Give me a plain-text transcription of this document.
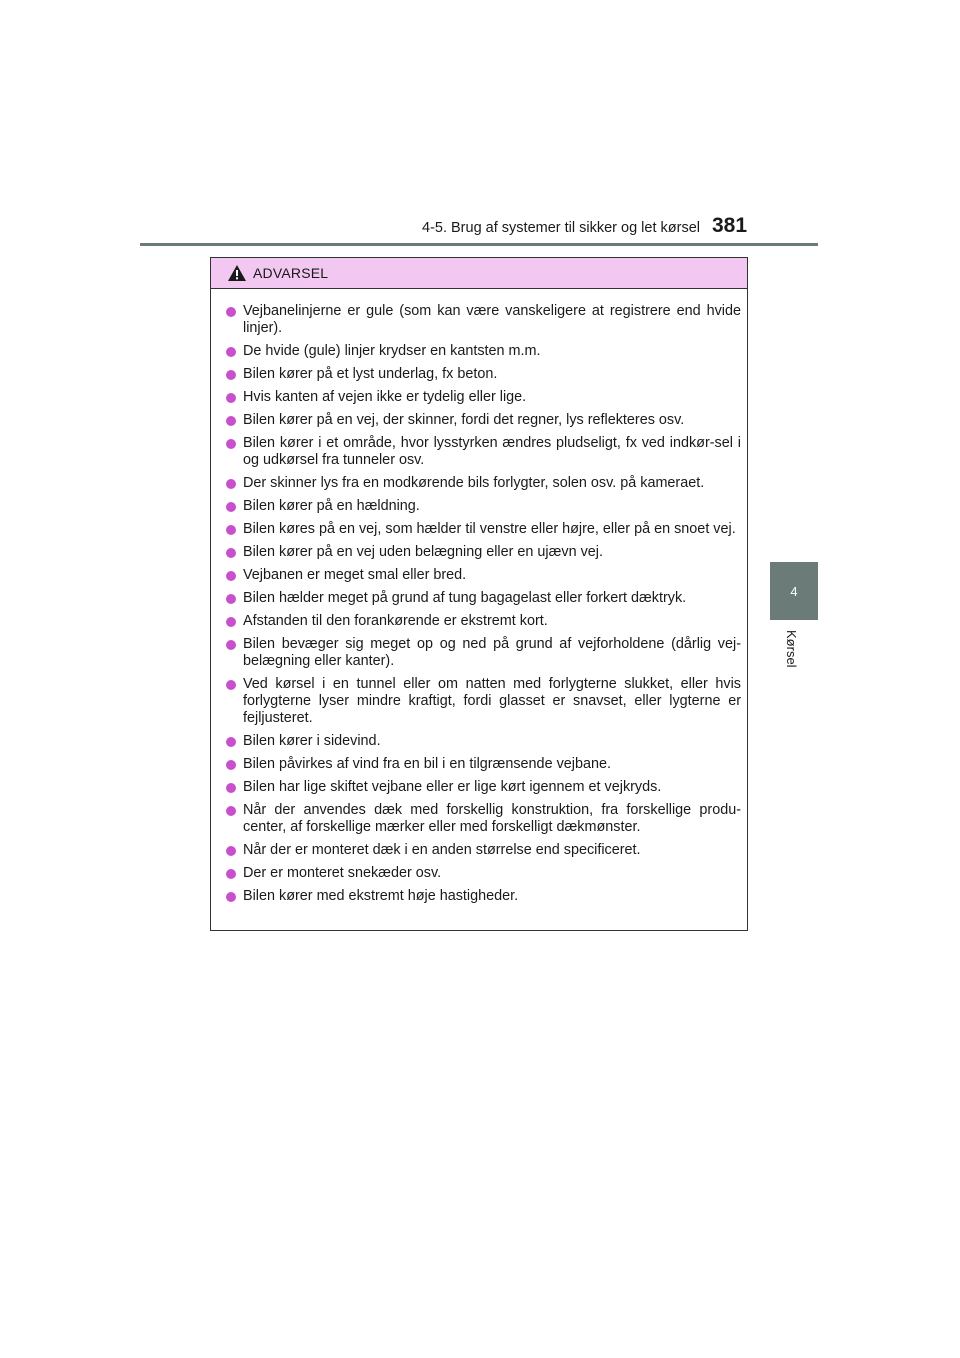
4-5. Brug af systemer til sikker og let kørsel 381
4
Kørsel
ADVARSEL
Vejbanelinjerne er gule (som kan være vanskeligere at registrere end hvide linjer).
De hvide (gule) linjer krydser en kantsten m.m.
Bilen kører på et lyst underlag, fx beton.
Hvis kanten af vejen ikke er tydelig eller lige.
Bilen kører på en vej, der skinner, fordi det regner, lys reflekteres osv.
Bilen kører i et område, hvor lysstyrken ændres pludseligt, fx ved indkør-sel i og udkørsel fra tunneler osv.
Der skinner lys fra en modkørende bils forlygter, solen osv. på kameraet.
Bilen kører på en hældning.
Bilen køres på en vej, som hælder til venstre eller højre, eller på en snoet vej.
Bilen kører på en vej uden belægning eller en ujævn vej.
Vejbanen er meget smal eller bred.
Bilen hælder meget på grund af tung bagagelast eller forkert dæktryk.
Afstanden til den forankørende er ekstremt kort.
Bilen bevæger sig meget op og ned på grund af vejforholdene (dårlig vej-belægning eller kanter).
Ved kørsel i en tunnel eller om natten med forlygterne slukket, eller hvis forlygterne lyser mindre kraftigt, fordi glasset er snavset, eller lygterne er fejljusteret.
Bilen kører i sidevind.
Bilen påvirkes af vind fra en bil i en tilgrænsende vejbane.
Bilen har lige skiftet vejbane eller er lige kørt igennem et vejkryds.
Når der anvendes dæk med forskellig konstruktion, fra forskellige produ-center, af forskellige mærker eller med forskelligt dækmønster.
Når der er monteret dæk i en anden størrelse end specificeret.
Der er monteret snekæder osv.
Bilen kører med ekstremt høje hastigheder.
